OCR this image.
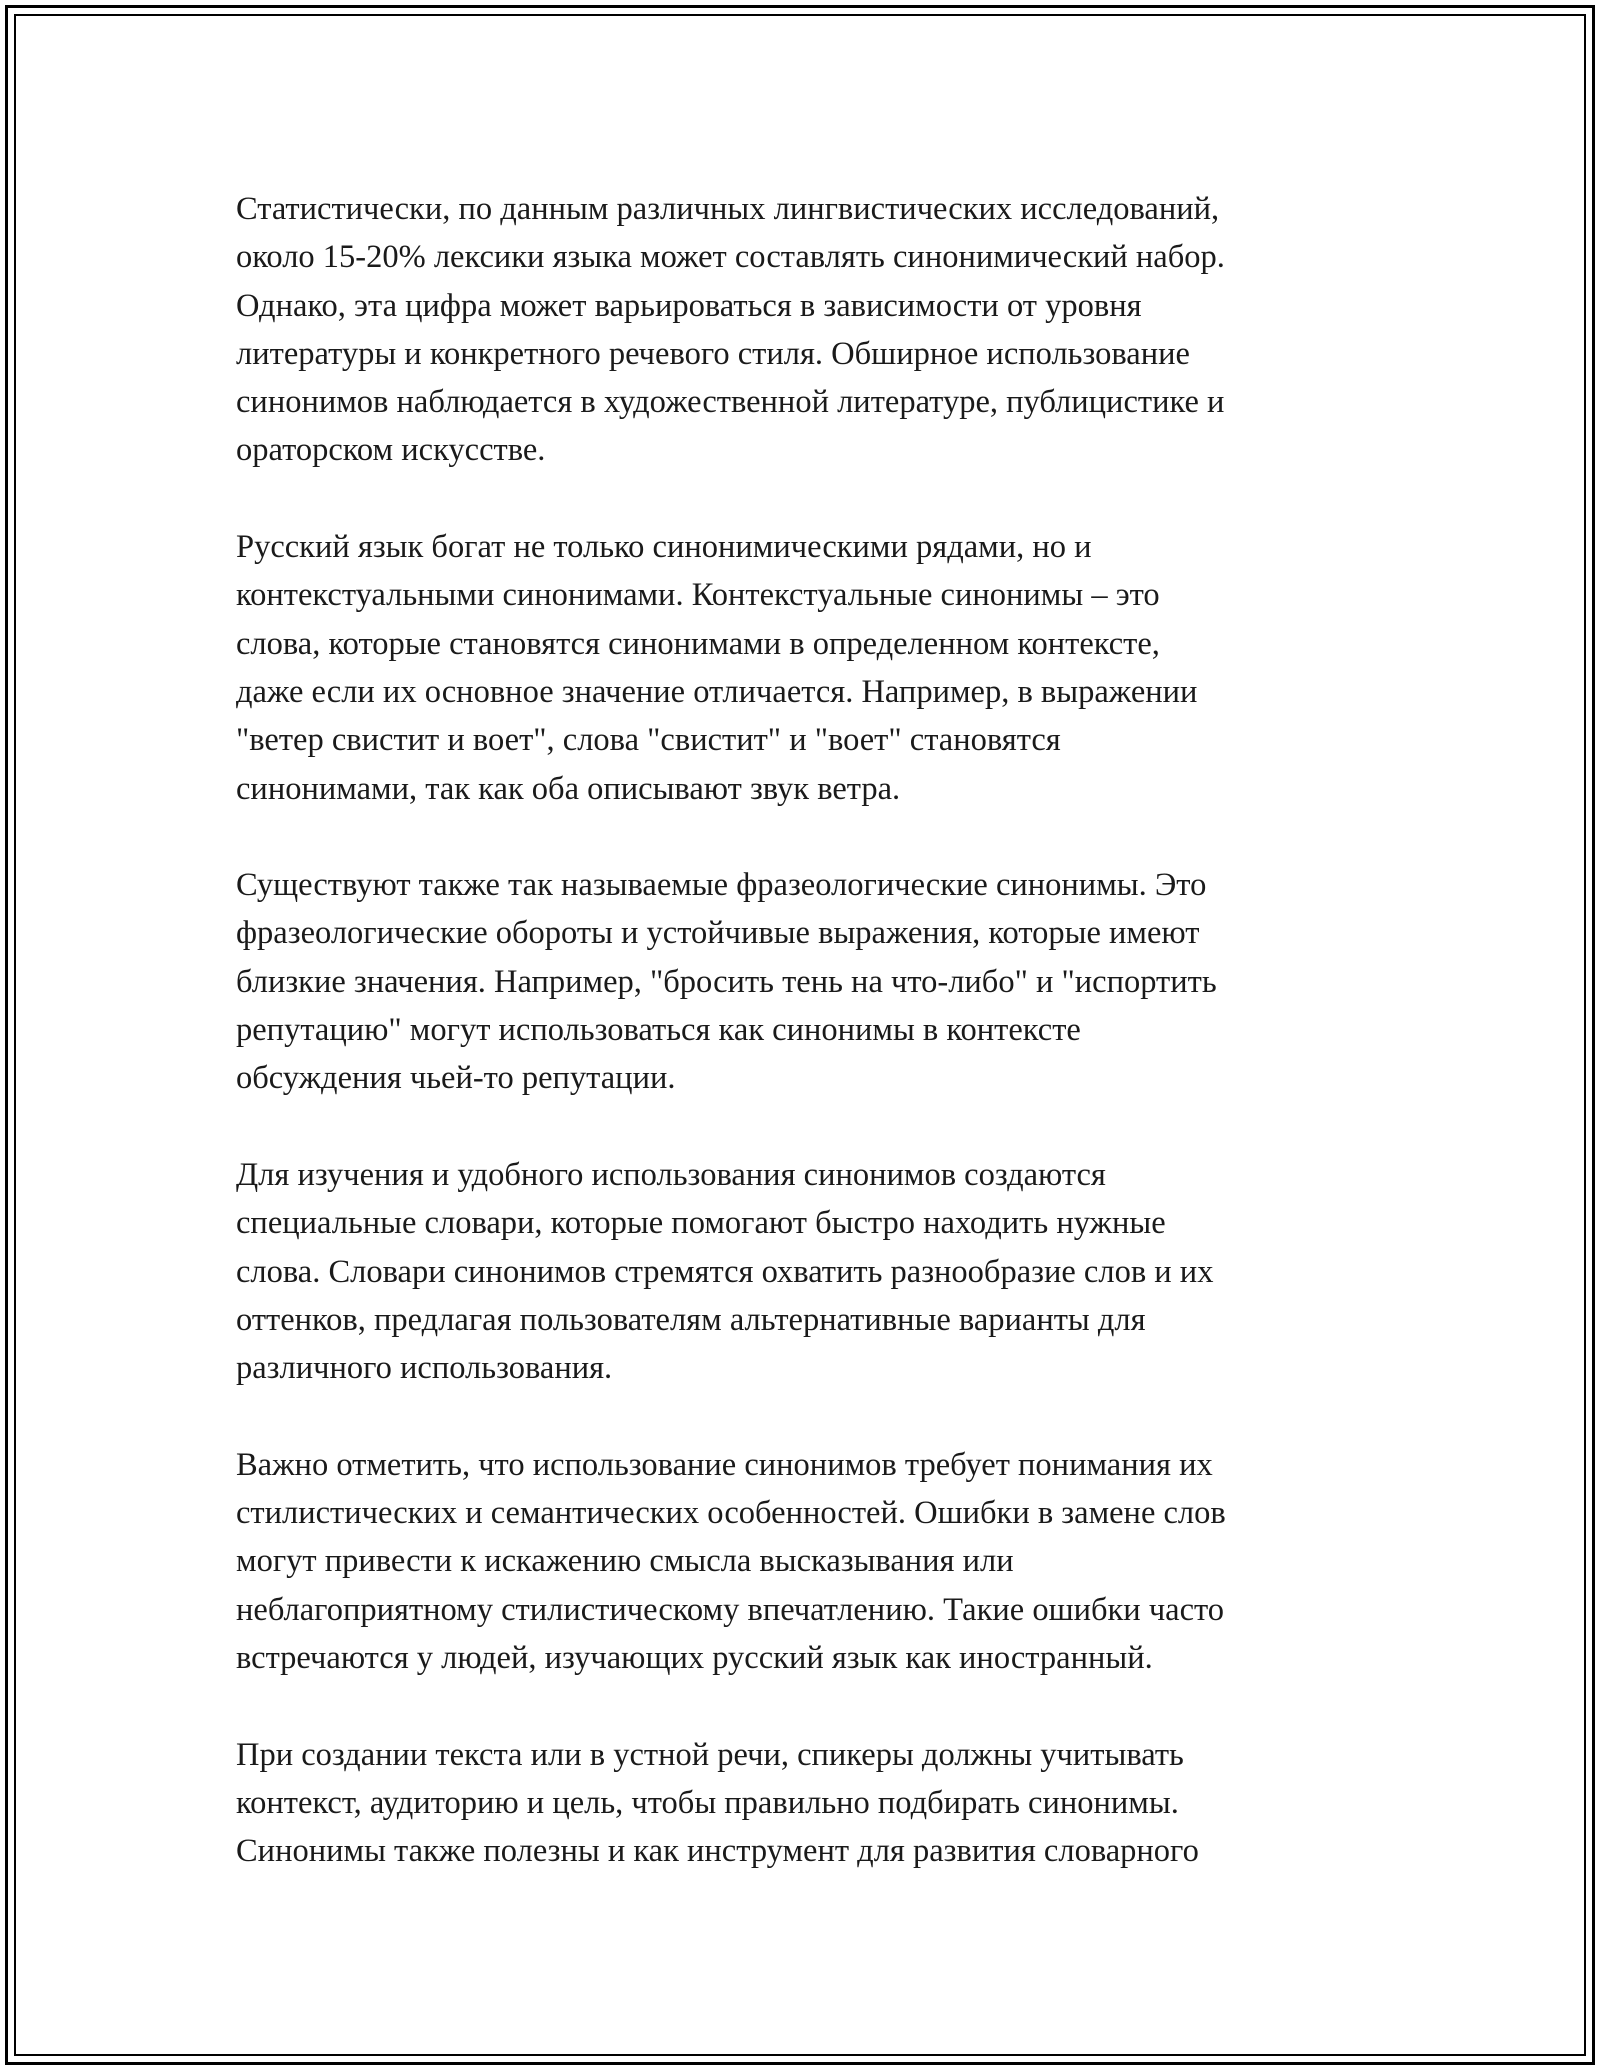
Статистически, по данным различных лингвистических исследований,
около 15-20% лексики языка может составлять синонимический набор.
Однако, эта цифра может варьироваться в зависимости от уровня
литературы и конкретного речевого стиля. Обширное использование
синонимов наблюдается в художественной литературе, публицистике и
ораторском искусстве.

Русский язык богат не только синонимическими рядами, но и
контекстуальными синонимами. Контекстуальные синонимы – это
слова, которые становятся синонимами в определенном контексте,
даже если их основное значение отличается. Например, в выражении
"ветер свистит и воет", слова "свистит" и "воет" становятся
синонимами, так как оба описывают звук ветра.

Существуют также так называемые фразеологические синонимы. Это
фразеологические обороты и устойчивые выражения, которые имеют
близкие значения. Например, "бросить тень на что-либо" и "испортить
репутацию" могут использоваться как синонимы в контексте
обсуждения чьей-то репутации.

Для изучения и удобного использования синонимов создаются
специальные словари, которые помогают быстро находить нужные
слова. Словари синонимов стремятся охватить разнообразие слов и их
оттенков, предлагая пользователям альтернативные варианты для
различного использования.

Важно отметить, что использование синонимов требует понимания их
стилистических и семантических особенностей. Ошибки в замене слов
могут привести к искажению смысла высказывания или
неблагоприятному стилистическому впечатлению. Такие ошибки часто
встречаются у людей, изучающих русский язык как иностранный.

При создании текста или в устной речи, спикеры должны учитывать
контекст, аудиторию и цель, чтобы правильно подбирать синонимы.
Синонимы также полезны и как инструмент для развития словарного
